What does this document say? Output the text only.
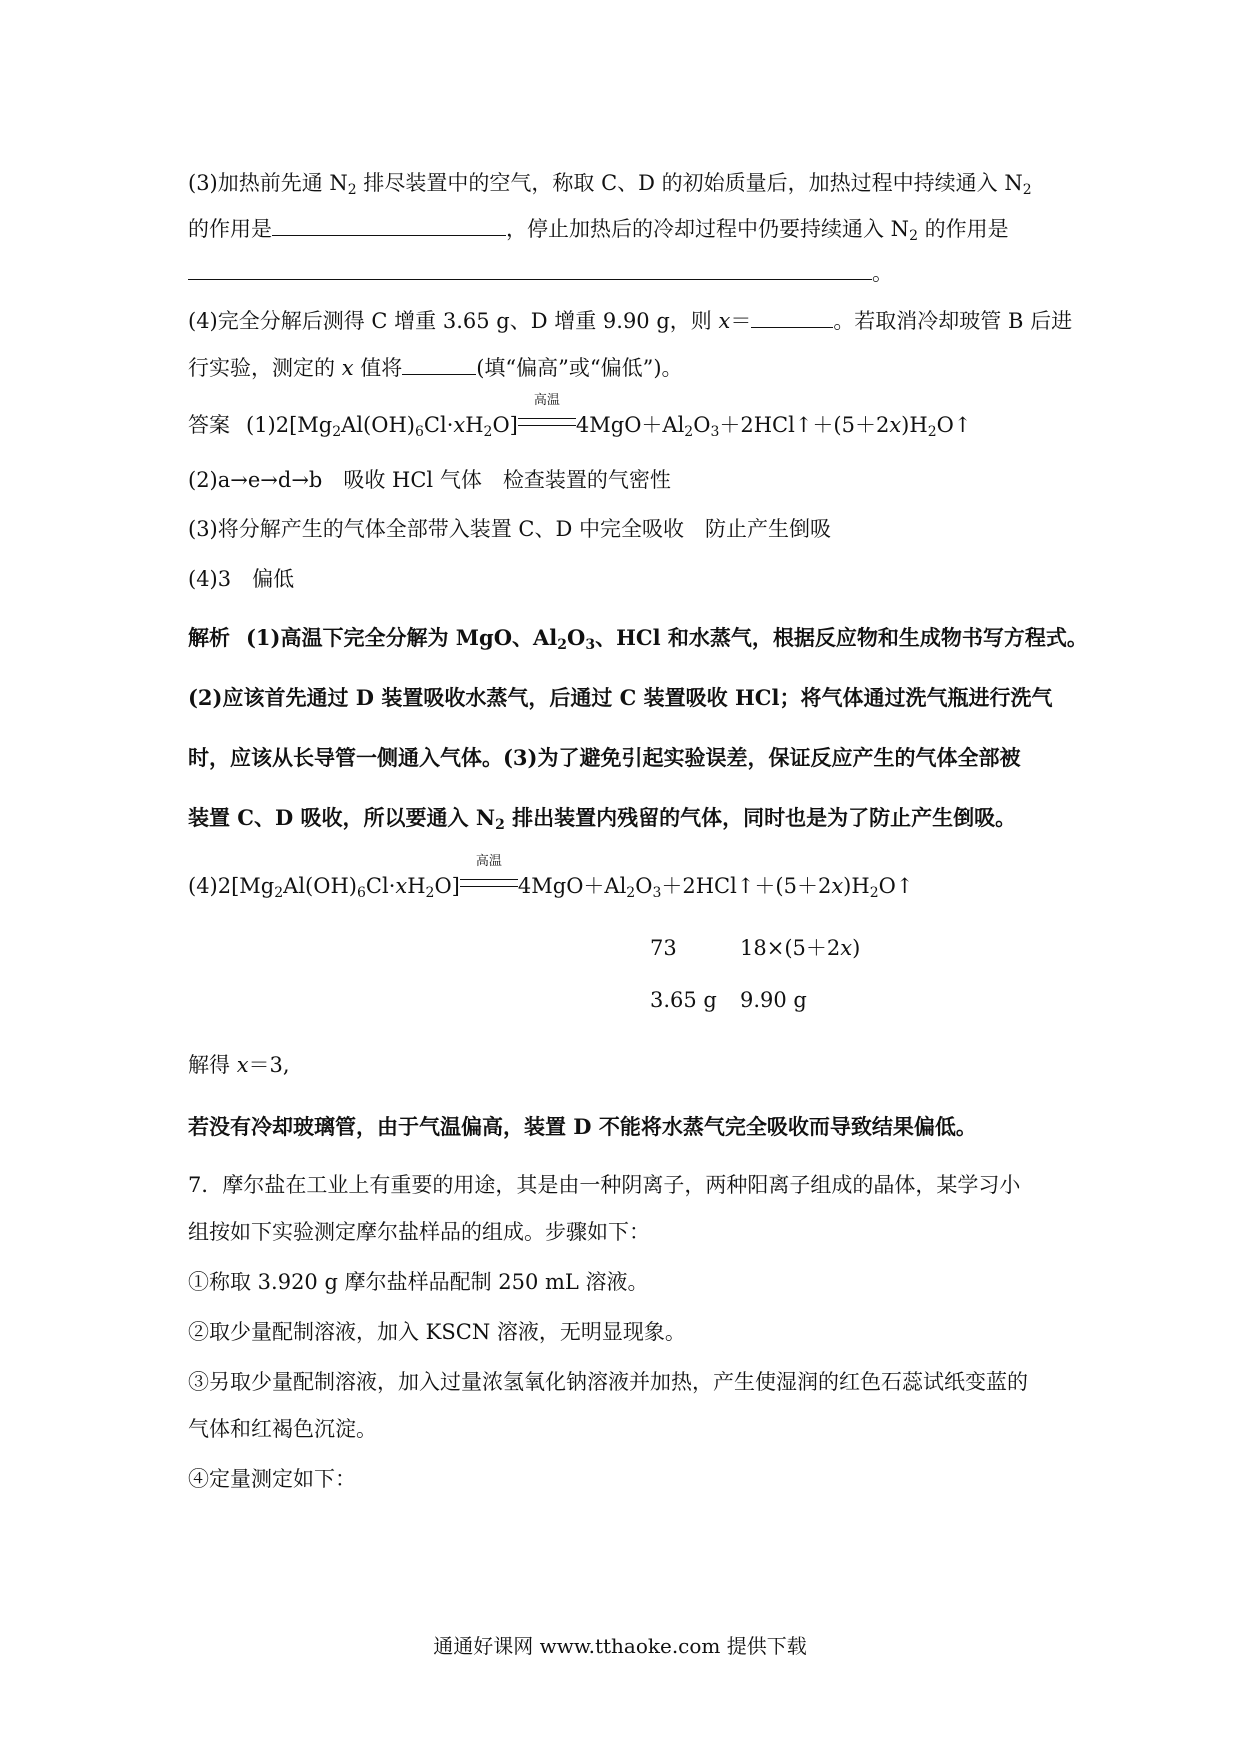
(3)加热前先通 $N_2$ 排尽装置中的空气，称取 C、D 的初始质量后，加热过程中持续通入 $N_2$
的作用是	，停止加热后的冷却过程中仍要持续通入 $N_2$ 的作用是
。
(4)完全分解后测得 C 增重 3.65 g、D 增重 9.90 g，则 x＝	。若取消冷却玻管 B 后进
行实验，测定的 x 值将	(填“偏高”或“偏低”)。
答案 $(1)2[Mg_2Al(OH)_6Cl\cdot xH_2O]$
高温
$4MgO+Al_2O_3+2HCl↑+(5+2x)H_2O↑$
(2)a→e→d→b　吸收 HCl 气体　检查装置的气密性
(3)将分解产生的气体全部带入装置 C、D 中完全吸收　防止产生倒吸
(4)3　偏低
解析 (1)高温下完全分解为 MgO、$Al_2O_3$、HCl 和水蒸气，根据反应物和生成物书写方程式。
(2)应该首先通过 D 装置吸收水蒸气，后通过 C 装置吸收 HCl；将气体通过洗气瓶进行洗气
时，应该从长导管一侧通入气体。(3)为了避免引起实验误差，保证反应产生的气体全部被
装置 C、D 吸收，所以要通入 $N_2$ 排出装置内残留的气体，同时也是为了防止产生倒吸。
$(4)2[Mg_2Al(OH)_6Cl\cdot xH_2O]$
高温
$4MgO+Al_2O_3+2HCl↑+(5+2x)H_2O↑$
73	18×(5＋2x)
3.65 g 9.90 g
解得 x＝3,
若没有冷却玻璃管，由于气温偏高，装置 D 不能将水蒸气完全吸收而导致结果偏低。
7．摩尔盐在工业上有重要的用途，其是由一种阴离子，两种阳离子组成的晶体，某学习小
组按如下实验测定摩尔盐样品的组成。步骤如下：
①称取 3.920 g 摩尔盐样品配制 250 mL 溶液。
②取少量配制溶液，加入 KSCN 溶液，无明显现象。
③另取少量配制溶液，加入过量浓氢氧化钠溶液并加热，产生使湿润的红色石蕊试纸变蓝的
气体和红褐色沉淀。
④定量测定如下：
通通好课网 www.tthaoke.com 提供下载
